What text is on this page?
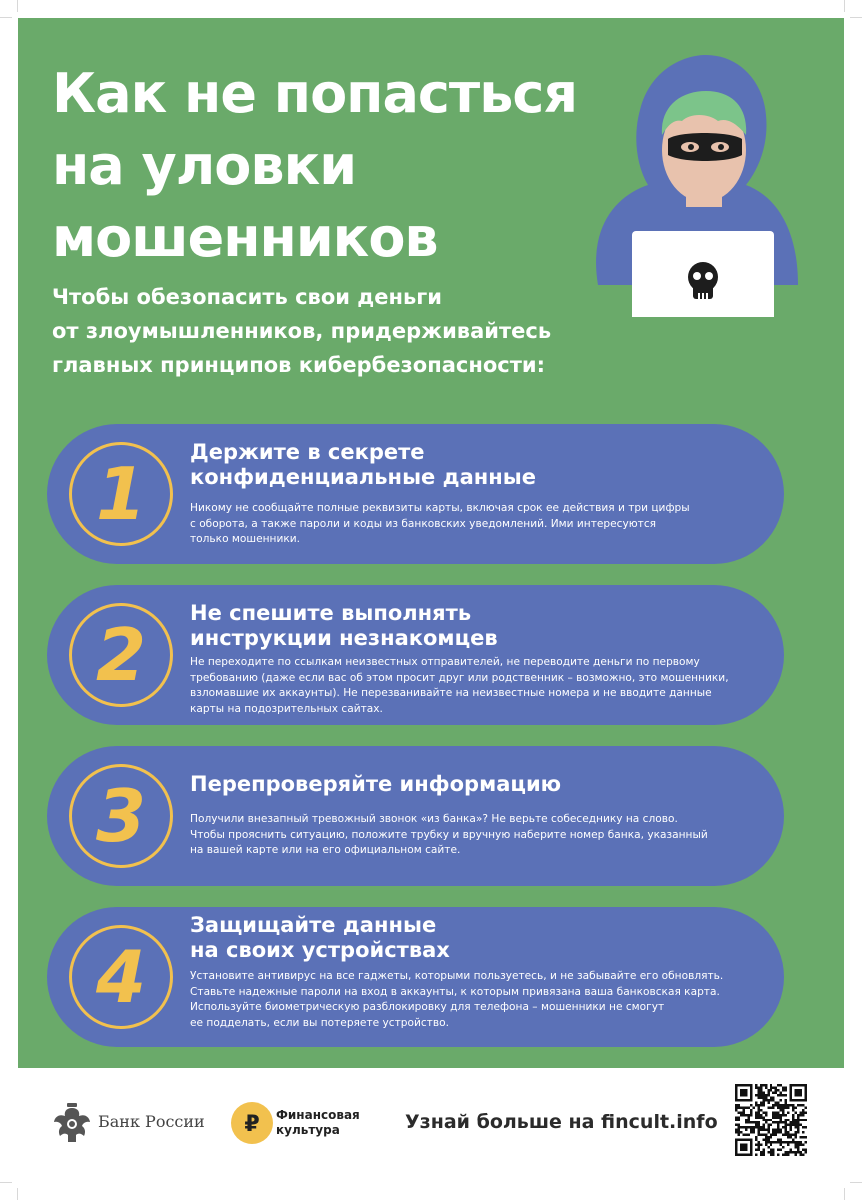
Как не попасться
на уловки
мошенников
Чтобы обезопасить свои деньги
от злоумышленников, придерживайтесь
главных принципов кибербезопасности:
1	Держите в секрете
конфиденциальные данные
Никому не сообщайте полные реквизиты карты, включая срок ее действия и три цифры
с оборота, а также пароли и коды из банковских уведомлений. Ими интересуются
только мошенники.
2	Не спешите выполнять
инструкции незнакомцев
Не переходите по ссылкам неизвестных отправителей, не переводите деньги по первому
требованию (даже если вас об этом просит друг или родственник – возможно, это мошенники,
взломавшие их аккаунты). Не перезванивайте на неизвестные номера и не вводите данные
карты на подозрительных сайтах.
3	Перепроверяйте информацию
Получили внезапный тревожный звонок «из банка»? Не верьте собеседнику на слово.
Чтобы прояснить ситуацию, положите трубку и вручную наберите номер банка, указанный
на вашей карте или на его официальном сайте.
4
Защищайте данные
на своих устройствах
Установите антивирус на все гаджеты, которыми пользуетесь, и не забывайте его обновлять.
Ставьте надежные пароли на вход в аккаунты, к которым привязана ваша банковская карта.
Используйте биометрическую разблокировку для телефона – мошенники не смогут
ее подделать, если вы потеряете устройство.
Банк России ₽ Финансовая
культура	Узнай больше на fincult.info
